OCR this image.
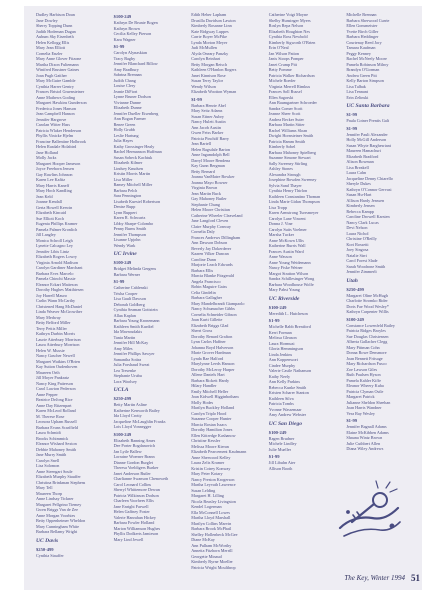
Dudley Harbison Doan
Jane Dowley
Sherry Topping Dunn
Judith Hodeman Dugan
Aubum Sky Eisenbeth
Helen Kellogg Ellis
Mary Jean Elliott
Cornelia Enzler
Mary Anne Glover Fitzone
Martha Dixon Fultemann
Winifred Brustner Gaines
Joan Pugh Gaither
Mary McGuire Gamble
Cynthia Harrer Gentry
Frances Bristol Gruensteiner
Anne Mathews Goding
Margaret Hawkins Gunderson
Frederica Jones Hanson
Jean Campbell Hanson
Jennifer Hargrove
Carolan Witter Hass
Patricia Wlaker Henderson
Phyllis Vinicke Hjelm
Francine Ballentine Holbrook
Helen Rasdale Holabird
Jane Holland
Molly Jacks
Margaret Hooper Jameson
Joyce Freeborn Jensen
Gay Rawlins Johnson
Karen Lee Kafitz
Mary Harris Kaneff
Mary Hoch Kandling
Jean Keld
Joanne Kendall
Gerta Howell Kerwin
Elizabeth Kincaid
Sue Elliott Koch
Eugenia Phillips Kramer
Pamela Palmer Kronlich
Jill Langley
Monica Schroll Leigh
Lynette Calcagno Ley
Jennifer Libis Lintz
Elizabeth Rogers Lowry
Virginia Arnold Madison
Carolyn Gardiner Marchant
Barbara Eves Marcelo
Pamela Chinchi Massie
Eleanor Eckart Matteson
Dorothy Hughes Matthiesen
Joy Harrell Mauro
Carlin Wann McCarthy
Christened Hang McDaniel
Linda Weaver McGrowther
Mary Medway
Betty Belford Miller
Terry Pettis Miller
Kathryn Durbin Morris
Laurie Atterbury Morrison
Laura Atterbury Morrison
Helen W. Mussie
Nancy Gascher Newell
Margaret Watkins O'Brien
Kay Sutton Oudenhoven
Maureen Orth
Jill Moyer Pankratz
Nancy King Patterson
Carol Lawton Pederson
Anne Pepper
Beatrice DeJong Rice
Anne Day Ritzenpart
Karen McLeod Rolland
M. Therese Rose
Leonora Upham Russell
Barbara Evans Scarffield
Laura Schmidt
Brooks Schimmick
Eleanor Wishard Sexton
Debbie Mahoney Smith
Jane Murry Smith
Carolyn Snell
Lisa Solomon
Anne Steengart Soule
Elizabeth Murphy Stauffer
Christina Brinkman Stephens
Mary Tell
Maureen Thorp
Anne Lindsay Tickner
Margaret Pellgrino Tiemey
Gwen Briggs Van de Zee
Anne Morgan Voorhies
Betty Oppenheimer Wheldon
Mary Cunningham White
Barbara Bellamy Wright
UC Davis
$250-499
Cynthia Stauffer
$100-249
Kathryn De Brunie Bogen
Kathryn Brown
Cecilia Kelley Pierson
Kara Wagner
$1-99
Carolyn Alynaskian
Tracy Bagby
Jennifer Blanchard Billow
Amy Bradbury
Sabrina Brennan
Judith Chang
Louise Clery
Jeanie DiFiori
Lynne Bruner Dodson
Vivianne Dunne
Elizabeth Dunne
Jennifer Dueller Eisenberg
Ann Bogan Farmer
Renee Green
Holly Grubb
Leslie Hartung
Julia Hayes
Kathy Grossinger Healy
Rachel Hermanson Huffman
Susan Sobeck Kachtuk
Elizabeth Kilmer
Lindsey Knudsen
Kristin Morris Martin
Lisa Miller
Ramey Mitchell Miller
Barbara Pelch
Sara Pennington
Lisabeth Kuestel Robertson
Denise Rupp
Lynn Ruppert
Karen R. Schwartz
Libby Sharpe-Colombo
Penny Burns Smith
Jennifer Thompson
Lisanne Upjohn
Wendy Wark
UC Irvine
$100-249
Bridget Melinda Gergens
Barbara Werner
$1-99
Catherine Cablenski
Trisha Cooper
Lisa Gault Dawson
Deborah Goldberg
Cynthia Seaman Gottstein
Allaa Kaplan
Barbara Young Kronemann
Kathleen Smith Kurdiel
Ida Mavroudakis
Tania Martin
Jennifer Hill McKay
Amy Miles
Jennifer Phillips Sawyer
Samantha Sotira
Julia Forshaud Sweat
Lea Tresenke
Stephanie Urubu
Lora Woolsey
UCLA
$250-499
Betty Martin Asline
Katherine Kenworth Bailey
Ida Lloyd Crotty
Jacqueline McLaughlin Franks
Lois Lloyd Vonnegger
$100-249
Elizabeth Banning Ames
Dee Porter Bogdanovich
Jan Lytle Ballew
Lorraine Woerner Brann
Dianne Gordon Burglet
Theresa Voeldigers Burker
Janet Anderson Butler
Charlianne Swanson Chenoweth
Carol Leonard Collins
Sherryl Whittemore Dewan
Patricia Wilkinson Dodson
Charleen Voorhees Ellis
Jane Enright Farwell
Helen Gaffney Foster
Valerie Hanrahan Hickey
Barbara Fowler Holland
Marion Williamson Hughes
Phyllis Dodkerts Jamieson
Mary Lind Jewell
Edith Heber Lapham
Drusilla Davidson Lawton
Kimberly Rosanne Linn
Kate Ridgway Luppes
Carrie Boyer McPike
Lynda Morton Meyer
Judi McMullen
Alyda Oneary Panzky
Carolyn Reinhart
Betty Morgan Reisch
Kathleen O'Hanlon Rogers
Janet Kinnison Rose
Susan Terry Taylor
Wendy Wilson
Elizabeth Wootton Wyman
$1-99
Barbara Henrie Abel
Mary Seitz Adams
Susan Ettner Aubry
Nancy Hulett Austin
Ann Jacob Austin
Gwen Feiss Barker
Patricia Pinchiff Barry
Jean Bartell
Helen Ragsdale Barton
Anne Ingamdolph Bell
Darryl Moore Bendena
Kay Gunn Bergman
Betty Bernard
Joanna VanMatre Bowker
Joanna Mayo Bowser
Virginia Brown
Jean Martin Buck
Gay Mahoney Butler
Stephanie Chung
Helen Moore Christian
Catherine Wheeler Cleaveland
Jane Langford Cleven
Claire Murphy Conway
Cornelia Daly
Frances Andrews Dillingham
Ann Dawson Dobson
Beverly Jay Dokerderer
Kaaren Vilker Duncan
Caroline Dunn
Marjorie Leach Edwards
Barbara Ellis
Marcia Blanke Fitzgerald
Angela Francisco
Robin Maguire Gaiss
Celia Gindelin
Barbara Gallagher
Mary Mandelbrandt Giampaolo
Nancy Schumacher Gibbs
Cornelia Schneider Gibson
Joan Kurtt Gillette
Elizabeth Briggs Glad
Sherri Gross
Dorothy Renard Grafton
Lynn Carlos Haffner
Johanna Boyd Halverson
Marie Grover Hardman
Lynda Rae Halford
Marylynne Leeds Hanson
Dorothy McLeroy Harper
Allene Daniels Hart
Barbara Rickett Hardy
Hilary Handler
Emily Mitchell Heller
Joan Kidwell Higginbotham
Molly Hodes
Marilyn Buckley Holland
Carolyn Triplo Hood
Suzanne Cooper Hunter
Marcia Rostan Issacs
Dorothy Hamilton Jones
Ellen Kittredge Kashanow
Christine Kessler
Melissa Moore Kieran
Elizabeth Pearcement Kaufmann
Anne Sherwood Kelley
Laura Zelis Kramer
Kristin Cotrey Konway
Mary Peter Kotary
Nancy Preston Krogerson
Martha Leyvath Lawrence
Susan Lelding
Margaret H. Lilling
Nicola Beasley Livingston
Kendel Logerman
Ella McConnell Lowes
Martha Lloyd Marshall
Marilyn Collins Marvin
Barbara Brook McPhail
Shelley Hollenbeck McGee
Diane McKay
Ann Pulham McWorthy
Annetta Fitzhorn Merrill
Georgette Minaud
Kimberly Byrne Moeller
Patricia Wright Moulthrop
Catherine Voigt Moyne
Shelby Hunsinger Myers
Roslyn Repa Nelson
Elizabeth Houghton Nes
Cynthia Ross Newbold
Kimberly Sigworth O'Brien
Erin O'Neal
Jan Wilson Patton
Janis Stoops Pomper
Janet Crump Pitt
Betty Pomme
Patricia Walker Richardson
Michele Roeder
Virginia Merrell Rimkus
Frances Soll Russel
Ellen Sagorski
Ann Baumgartner Schroeder
Sandra Comer Scott
Jeanne Sheer Scott
Andrea Becker Suter
Barbara Martin Sitter
Rachel Williams Sloan
Dwight Hornsteiner Smith
Patricia Hamm Smith
Kimberly Sobel
Barbara Mahoney Spielberg
Suzanne Simone Stewart
Sally Sweeney Stirling
Ashley Stones
Alexandra Strough
Josephine Bowden Sweeney
Sylvia Sand Thayer
Cynthia Henry Thirlon
Kathleen Constantino Thoman
Linda Marie Gidan Thompson
Lisa Tropp
Karen Armstrong Turrsmeyer
Carolyn Lane Vincent
Donna J. Vine
Carolyn Suits Voelmer
Marsha Tucker
Anne McKown Ullis
Katherine Burris Wall
Frances Austin Ward
Anne Wasson
Anne Young Weidemann
Nancy Fiske Weiner
Margot Stratton Wilson
Sandra Schillesinger Wong
Barbara Woodhouse Wolfe
Mary Pabst Young
UC Riverside
$100-249
Meredith L. Hutcheson
$1-99
Michelle Rabb Brentford
Kerri Forman
Melissa Gleason
Laura Hormuzi
Gloria Hemmingson
Linda Jenkins
Ann Koppenwort
Cindee Murphy
Valerie Castle Nathanson
Kathy Neely
Ann Kelly Parkins
Rebecca Kunke Smith
Kristen Scharer Stanton
Kathleen Silva
Patricia Tombs
Yvonne Wassemaar
Amy Andrew Webster
UC San Diego
$100-249
Ragen Brudner
Michele Lindley
Julie Mueller
$1-99
Jill Libuhn Ater
Allison Booth
Michelle Brennan
Barbara Sherwood Currie
Ellen Gonsmeister
Yvette Birch Giller
Barbara Heddinger
Courtenay Reed Jory
Tamara Kaufman
Peggy Kenney
Rachel McNeely Moore
Pamela Robinson Milroy
Brandyn O'Gorman
Andrea Green Pitt
Kelly Barton Simpson
Lisa Talbak
Lisa Tennant
Erin Zelinski
UC Santa Barbara
$1-99
Paula Cotner Prentis Galt
$1-99
Jennifer Pauli Alexander
Holly McGill Anderson
Susan Whyte Barghesriant
Maureen Hamachuri
Elizabeth Bradford
Alison Bowman
Lisa Breakell
Laura Cahn
Jacqueline Denny Chiarello
Sheryle Dukes
Kathryn O'Connor Gervasi
Susan Hu-Hart
Allison Hardy Jenssen
Kimberly Jensen
Rebecca Kampp
Caroline Drowell Karsten
Nancy Clark Lucas
Devi Nelson
Laura Nichol
Christine O'Reilly
Kori Rossetti
Joey Singosa
Natalie Sirri
Carol Forest Slade
Sarah Woodrone Smith
Jennifer Zimmerli
Utah
$250-499
Margaret Oline McHugh
Charlotte Stromko Rider
Doris Fae Wood Wesley*
Kathryn Carpenter Willis
$100-249
Constance Lowenfeld Bailey
Patricia Ridges Broyles
Sue Douglas Christensen
Alberta Gallacher Clegg
Mary Pittman Cohn
Donna Rowe Densmore
Joan Bennett Fritsage
Mary Richardson Fusco
Zoe Lawson Giles
Ruth Paulsen Hyson
Pamela Kahler Kiffe
Eleanor Wheery Kuha
Patricia Clyman Ostle
Margaret Patrick
Julianne Sheldon Sheehan
Joan Harris Wandner
Vera Ray Wesley
$1-99
Jennifer Bagnall Adams
Elaine McKibben Adams
Shauna Wintz Brown
Julie Cuthbert Allen
Diana Wiley Andrews
The Key, Winter 1994 51
